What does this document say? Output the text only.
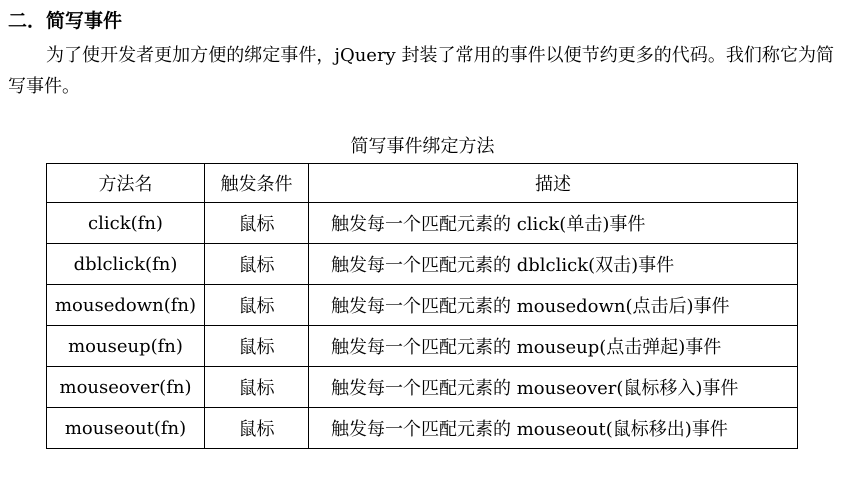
二．简写事件

为了使开发者更加方便的绑定事件，jQuery 封装了常用的事件以便节约更多的代码。我们称它为简写事件。

简写事件绑定方法
方法名	触发条件	描述
click(fn)	鼠标	触发每一个匹配元素的 click(单击)事件
dblclick(fn)	鼠标	触发每一个匹配元素的 dblclick(双击)事件
mousedown(fn)	鼠标	触发每一个匹配元素的 mousedown(点击后)事件
mouseup(fn)	鼠标	触发每一个匹配元素的 mouseup(点击弹起)事件
mouseover(fn)	鼠标	触发每一个匹配元素的 mouseover(鼠标移入)事件
mouseout(fn)	鼠标	触发每一个匹配元素的 mouseout(鼠标移出)事件
